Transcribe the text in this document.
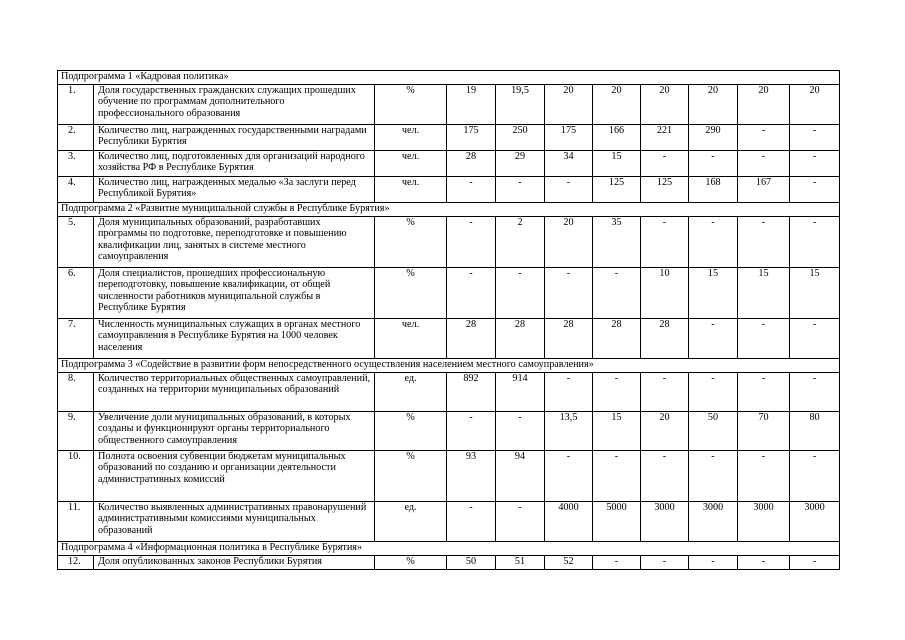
Подпрограмма 1 «Кадровая политика»										
1.	Доля государственных гражданских служащих прошедших обучение по программам дополнительного профессионального образования	%	19	19,5	20	20	20	20	20	20
2.	Количество лиц, награжденных государственными наградами Республики Бурятия	чел.	175	250	175	166	221	290	-	-
3.	Количество лиц, подготовленных для организаций народного хозяйства РФ в Республике Бурятия	чел.	28	29	34	15	-	-	-	-
4.	Количество лиц, награжденных медалью «За заслуги перед Республикой Бурятия»	чел.	-	-	-	125	125	168	167	-
Подпрограмма 2 «Развитие муниципальной службы в Республике Бурятия»										
5.	Доля муниципальных образований, разработавших программы по подготовке, переподготовке и повышению квалификации лиц, занятых в системе местного самоуправления	%	-	2	20	35	-	-	-	-
6.	Доля специалистов, прошедших профессиональную переподготовку, повышение квалификации, от общей численности работников муниципальной службы в Республике Бурятия	%	-	-	-	-	10	15	15	15
7.	Численность муниципальных служащих в органах местного самоуправления в Республике Бурятия на 1000 человек населения	чел.	28	28	28	28	28	-	-	-
Подпрограмма 3 «Содействие в развитии форм непосредственного осуществления населением местного самоуправления»										
8.	Количество территориальных общественных самоуправлений, созданных на территории муниципальных образований	ед.	892	914	-	-	-	-	-	-
9.	Увеличение доли муниципальных образований, в которых созданы и функционируют органы территориального общественного самоуправления	%	-	-	13,5	15	20	50	70	80
10.	Полнота освоения субвенции бюджетам муниципальных образований по созданию и организации деятельности административных комиссий	%	93	94	-	-	-	-	-	-
11.	Количество выявленных административных правонарушений административными комиссиями муниципальных образований	ед.	-	-	4000	5000	3000	3000	3000	3000
Подпрограмма 4 «Информационная политика в Республике Бурятия»										
12.	Доля опубликованных законов Республики Бурятия	%	50	51	52	-	-	-	-	-
